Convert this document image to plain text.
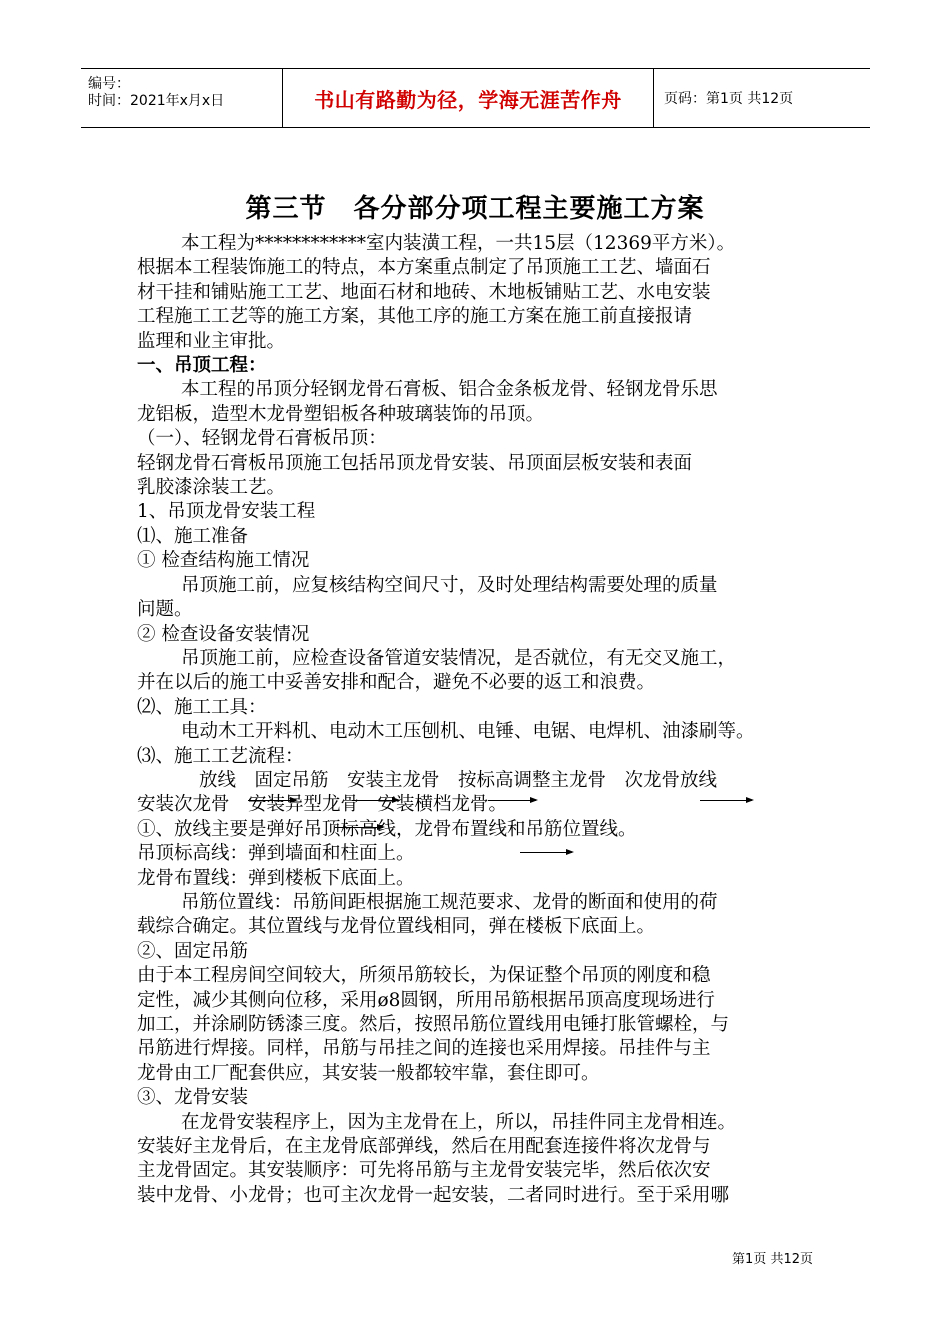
编号：
时间：2021年x月x日	书山有路勤为径，学海无涯苦作舟	页码：第1页 共12页
第三节　各分部分项工程主要施工方案

本工程为************室内装潢工程，一共15层（12369平方米）。

根据本工程装饰施工的特点，本方案重点制定了吊顶施工工艺、墙面石

材干挂和铺贴施工工艺、地面石材和地砖、木地板铺贴工艺、水电安装

工程施工工艺等的施工方案，其他工序的施工方案在施工前直接报请

监理和业主审批。

一、吊顶工程：

本工程的吊顶分轻钢龙骨石膏板、铝合金条板龙骨、轻钢龙骨乐思

龙铝板，造型木龙骨塑铝板各种玻璃装饰的吊顶。

（一）、轻钢龙骨石膏板吊顶：

轻钢龙骨石膏板吊顶施工包括吊顶龙骨安装、吊顶面层板安装和表面

乳胶漆涂装工艺。

1、吊顶龙骨安装工程

⑴、施工准备

① 检查结构施工情况

吊顶施工前，应复核结构空间尺寸，及时处理结构需要处理的质量

问题。

② 检查设备安装情况

吊顶施工前，应检查设备管道安装情况，是否就位，有无交叉施工，

并在以后的施工中妥善安排和配合，避免不必要的返工和浪费。

⑵、施工工具：

电动木工开料机、电动木工压刨机、电锤、电锯、电焊机、油漆刷等。

⑶、施工工艺流程：

放线　固定吊筋　安装主龙骨　按标高调整主龙骨　次龙骨放线

安装次龙骨　安装异型龙骨　安装横档龙骨。

①、放线主要是弹好吊顶标高线，龙骨布置线和吊筋位置线。

吊顶标高线：弹到墙面和柱面上。

龙骨布置线：弹到楼板下底面上。

吊筋位置线：吊筋间距根据施工规范要求、龙骨的断面和使用的荷

载综合确定。其位置线与龙骨位置线相同，弹在楼板下底面上。

②、固定吊筋

由于本工程房间空间较大，所须吊筋较长，为保证整个吊顶的刚度和稳

定性，减少其侧向位移，采用ø8圆钢，所用吊筋根据吊顶高度现场进行

加工，并涂刷防锈漆三度。然后，按照吊筋位置线用电锤打胀管螺栓，与

吊筋进行焊接。同样，吊筋与吊挂之间的连接也采用焊接。吊挂件与主

龙骨由工厂配套供应，其安装一般都较牢靠，套住即可。

③、龙骨安装

在龙骨安装程序上，因为主龙骨在上，所以，吊挂件同主龙骨相连。

安装好主龙骨后，在主龙骨底部弹线，然后在用配套连接件将次龙骨与

主龙骨固定。其安装顺序：可先将吊筋与主龙骨安装完毕，然后依次安

装中龙骨、小龙骨；也可主次龙骨一起安装，二者同时进行。至于采用哪

第1页 共12页
